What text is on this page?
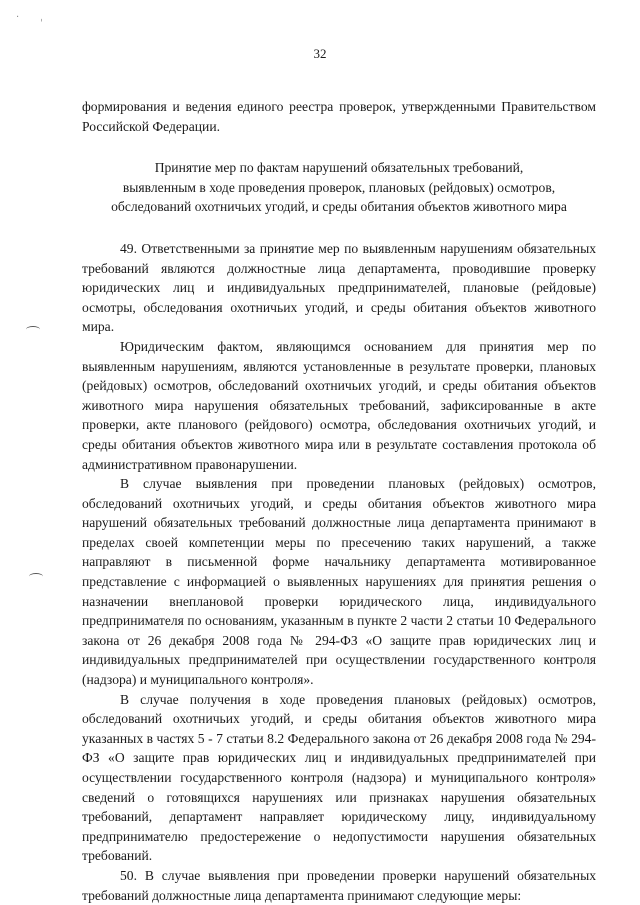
· ˌ
32

формирования и ведения единого реестра проверок, утвержденными Правительством Российской Федерации.

Принятие мер по фактам нарушений обязательных требований,
выявленным в ходе проведения проверок, плановых (рейдовых) осмотров,
обследований охотничьих угодий, и среды обитания объектов животного мира

49. Ответственными за принятие мер по выявленным нарушениям обязательных требований являются должностные лица департамента, проводившие проверку юридических лиц и индивидуальных предпринимателей, плановые (рейдовые) осмотры, обследования охотничьих угодий, и среды обитания объектов животного мира.

Юридическим фактом, являющимся основанием для принятия мер по выявленным нарушениям, являются установленные в результате проверки, плановых (рейдовых) осмотров, обследований охотничьих угодий, и среды обитания объектов животного мира нарушения обязательных требований, зафиксированные в акте проверки, акте планового (рейдового) осмотра, обследования охотничьих угодий, и среды обитания объектов животного мира или в результате составления протокола об административном правонарушении.

В случае выявления при проведении плановых (рейдовых) осмотров, обследований охотничьих угодий, и среды обитания объектов животного мира нарушений обязательных требований должностные лица департамента принимают в пределах своей компетенции меры по пресечению таких нарушений, а также направляют в письменной форме начальнику департамента мотивированное представление с информацией о выявленных нарушениях для принятия решения о назначении внеплановой проверки юридического лица, индивидуального предпринимателя по основаниям, указанным в пункте 2 части 2 статьи 10 Федерального закона от 26 декабря 2008 года № 294-ФЗ «О защите прав юридических лиц и индивидуальных предпринимателей при осуществлении государственного контроля (надзора) и муниципального контроля».

В случае получения в ходе проведения плановых (рейдовых) осмотров, обследований охотничьих угодий, и среды обитания объектов животного мира указанных в частях 5 - 7 статьи 8.2 Федерального закона от 26 декабря 2008 года № 294-ФЗ «О защите прав юридических лиц и индивидуальных предпринимателей при осуществлении государственного контроля (надзора) и муниципального контроля» сведений о готовящихся нарушениях или признаках нарушения обязательных требований, департамент направляет юридическому лицу, индивидуальному предпринимателю предостережение о недопустимости нарушения обязательных требований.

50. В случае выявления при проведении проверки нарушений обязательных требований должностные лица департамента принимают следующие меры:
